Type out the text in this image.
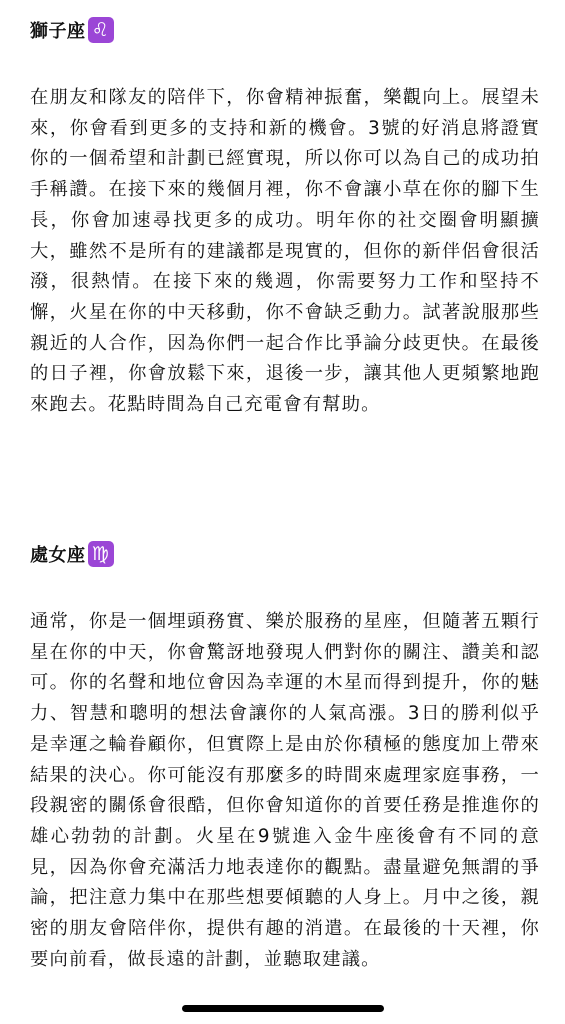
獅子座 ♌

在朋友和隊友的陪伴下，你會精神振奮，樂觀向上。展望未來，你會看到更多的支持和新的機會。3號的好消息將證實你的一個希望和計劃已經實現，所以你可以為自己的成功拍手稱讚。在接下來的幾個月裡，你不會讓小草在你的腳下生長，你會加速尋找更多的成功。明年你的社交圈會明顯擴大，雖然不是所有的建議都是現實的，但你的新伴侶會很活潑，很熱情。在接下來的幾週，你需要努力工作和堅持不懈，火星在你的中天移動，你不會缺乏動力。試著說服那些親近的人合作，因為你們一起合作比爭論分歧更快。在最後的日子裡，你會放鬆下來，退後一步，讓其他人更頻繁地跑來跑去。花點時間為自己充電會有幫助。

處女座 ♍

通常，你是一個埋頭務實、樂於服務的星座，但隨著五顆行星在你的中天，你會驚訝地發現人們對你的關注、讚美和認可。你的名聲和地位會因為幸運的木星而得到提升，你的魅力、智慧和聰明的想法會讓你的人氣高漲。3日的勝利似乎是幸運之輪眷顧你，但實際上是由於你積極的態度加上帶來結果的決心。你可能沒有那麼多的時間來處理家庭事務，一段親密的關係會很酷，但你會知道你的首要任務是推進你的雄心勃勃的計劃。火星在9號進入金牛座後會有不同的意見，因為你會充滿活力地表達你的觀點。盡量避免無謂的爭論，把注意力集中在那些想要傾聽的人身上。月中之後，親密的朋友會陪伴你，提供有趣的消遣。在最後的十天裡，你要向前看，做長遠的計劃，並聽取建議。
